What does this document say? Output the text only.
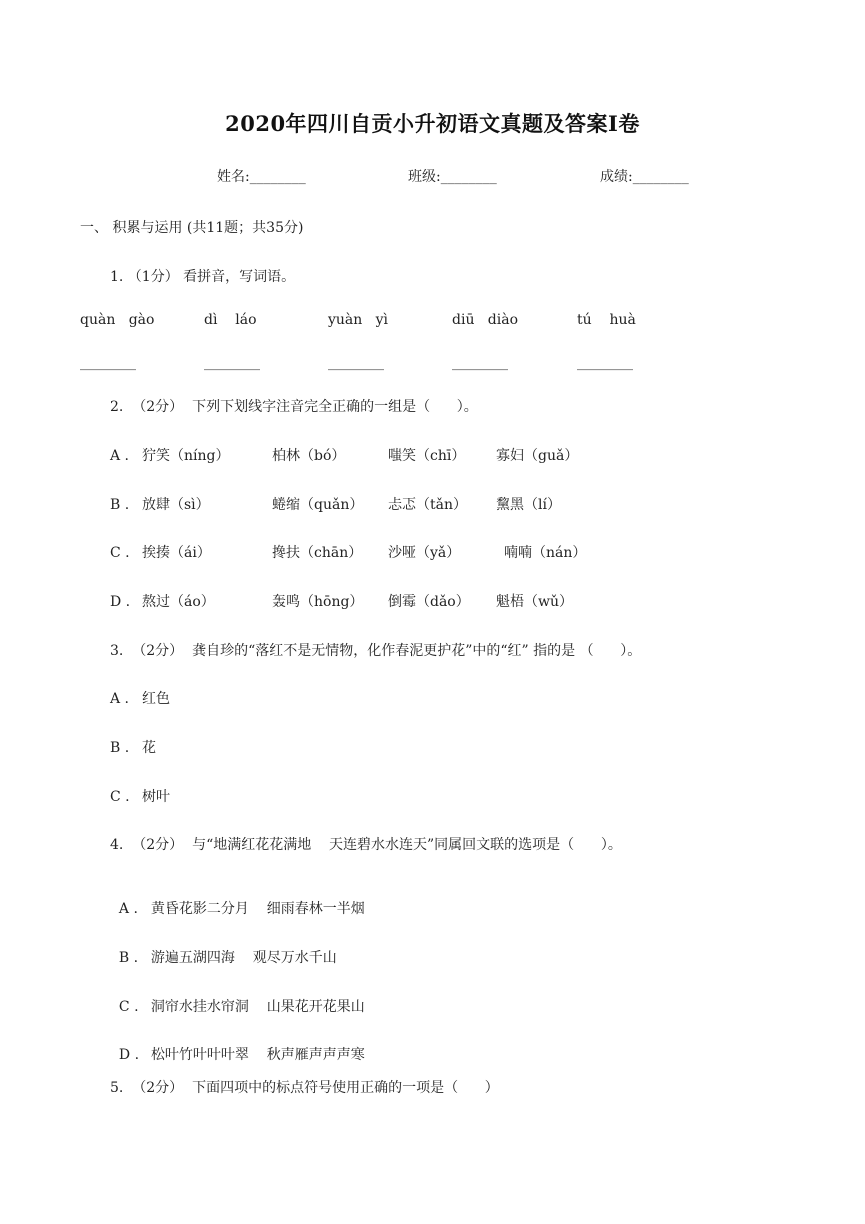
2020年四川自贡小升初语文真题及答案I卷
姓名:________	班级:________	成绩:________
一、 积累与运用 (共11题；共35分)
1. （1分） 看拼音，写词语。
quàn   gào	dì    láo	yuàn   yì	diū   diào	tú    huà
________	________	________	________	________
2.  （2分）  下列下划线字注音完全正确的一组是（      ）。
A . 狞笑（níng）	柏林（bó）	嗤笑（chī） 寡妇（guǎ）
B . 放肆（sì）	蜷缩（quǎn） 忐忑（tǎn） 黧黑（lí）
C . 挨揍（ái）	搀扶（chān） 沙哑（yǎ）	喃喃（nán）
D . 熬过（áo）	轰鸣（hōng） 倒霉（dǎo） 魁梧（wǔ）
3.  （2分）  龚自珍的“落红不是无情物，化作春泥更护花”中的“红” 指的是 （      ）。
A . 红色
B . 花
C . 树叶
4.  （2分）  与“地满红花花满地    天连碧水水连天”同属回文联的选项是（      ）。

A . 黄昏花影二分月    细雨春林一半烟

B . 游遍五湖四海    观尽万水千山

C . 洞帘水挂水帘洞    山果花开花果山

D . 松叶竹叶叶叶翠    秋声雁声声声寒

5.  （2分）  下面四项中的标点符号使用正确的一项是（      ）
